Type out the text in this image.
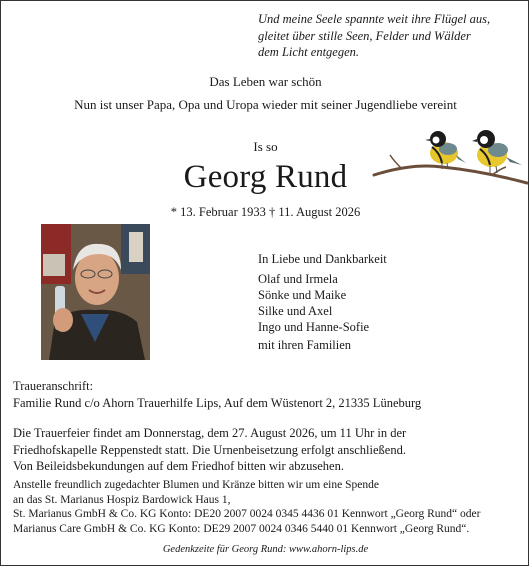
Und meine Seele spannte weit ihre Flügel aus,
gleitet über stille Seen, Felder und Wälder
dem Licht entgegen.
Das Leben war schön
Nun ist unser Papa, Opa und Uropa wieder mit seiner Jugendliebe vereint
Is so
Georg Rund
* 13. Februar 1933 † 11. August 2026
In Liebe und Dankbarkeit
Olaf und Irmela
Sönke und Maike
Silke und Axel
Ingo und Hanne-Sofie
mit ihren Familien
Traueranschrift:
Familie Rund c/o Ahorn Trauerhilfe Lips, Auf dem Wüstenort 2, 21335 Lüneburg
Die Trauerfeier findet am Donnerstag, dem 27. August 2026, um 11 Uhr in der
Friedhofskapelle Reppenstedt statt. Die Urnenbeisetzung erfolgt anschließend.
Von Beileidsbekundungen auf dem Friedhof bitten wir abzusehen.
Anstelle freundlich zugedachter Blumen und Kränze bitten wir um eine Spende
an das St. Marianus Hospiz Bardowick Haus 1,
St. Marianus GmbH & Co. KG Konto: DE20 2007 0024 0345 4436 01 Kennwort „Georg Rund“ oder
Marianus Care GmbH & Co. KG Konto: DE29 2007 0024 0346 5440 01 Kennwort „Georg Rund“.
Gedenkzeite für Georg Rund: www.ahorn-lips.de
